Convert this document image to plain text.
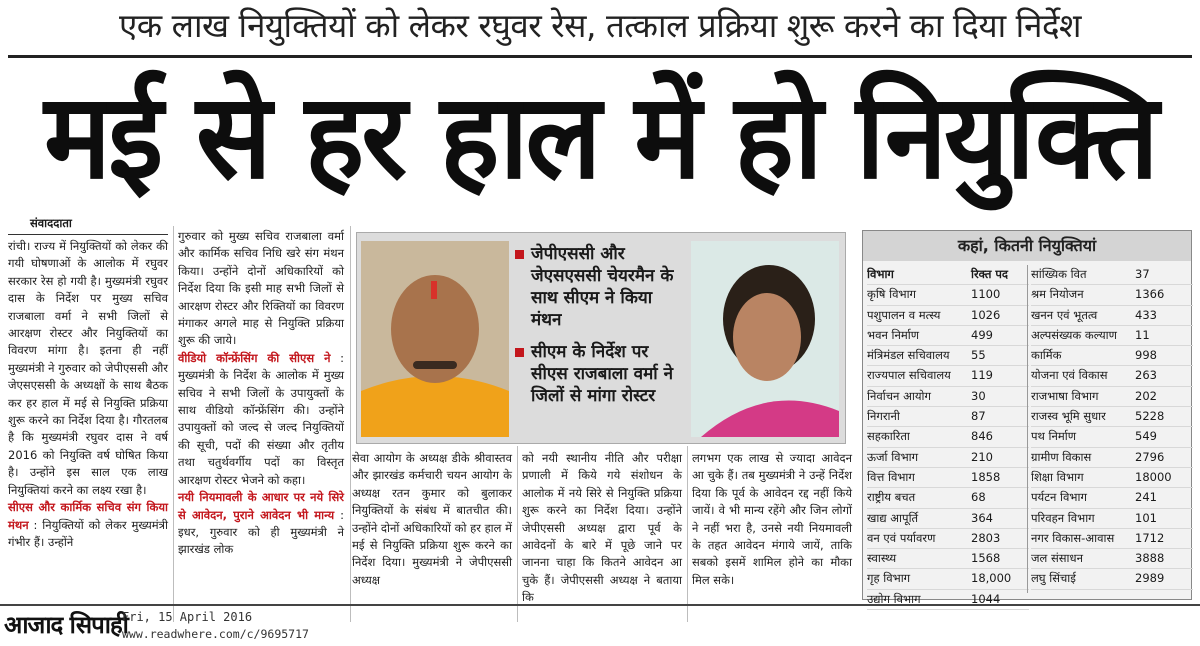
एक लाख नियुक्तियों को लेकर रघुवर रेस, तत्काल प्रक्रिया शुरू करने का दिया निर्देश
मई से हर हाल में हो नियुक्ति
संवाददाता

रांची। राज्य में नियुक्तियों को लेकर की गयी घोषणाओं के आलोक में रघुवर सरकार रेस हो गयी है। मुख्यमंत्री रघुवर दास के निर्देश पर मुख्य सचिव राजबाला वर्मा ने सभी जिलों से आरक्षण रोस्टर और नियुक्तियों का विवरण मांगा है। इतना ही नहीं मुख्यमंत्री ने गुरुवार को जेपीएससी और जेएसएससी के अध्यक्षों के साथ बैठक कर हर हाल में मई से नियुक्ति प्रक्रिया शुरू करने का निर्देश दिया है। गौरतलब है कि मुख्यमंत्री रघुवर दास ने वर्ष 2016 को नियुक्ति वर्ष घोषित किया है। उन्होंने इस साल एक लाख नियुक्तियां करने का लक्ष्य रखा है।

सीएस और कार्मिक सचिव संग किया मंथन : नियुक्तियों को लेकर मुख्यमंत्री गंभीर हैं। उन्होंने

गुरुवार को मुख्य सचिव राजबाला वर्मा और कार्मिक सचिव निधि खरे संग मंथन किया। उन्होंने दोनों अधिकारियों को निर्देश दिया कि इसी माह सभी जिलों से आरक्षण रोस्टर और रिक्तियों का विवरण मंगाकर अगले माह से नियुक्ति प्रक्रिया शुरू की जाये।

वीडियो कॉन्फ्रेंसिंग की सीएस ने : मुख्यमंत्री के निर्देश के आलोक में मुख्य सचिव ने सभी जिलों के उपायुक्तों के साथ वीडियो कॉन्फ्रेंसिंग की। उन्होंने उपायुक्तों को जल्द से जल्द नियुक्तियों की सूची, पदों की संख्या और तृतीय तथा चतुर्थवर्गीय पदों का विस्तृत आरक्षण रोस्टर भेजने को कहा।

नयी नियमावली के आधार पर नये सिरे से आवेदन, पुराने आवेदन भी मान्य : इधर, गुरुवार को ही मुख्यमंत्री ने झारखंड लोक

जेपीएससी और जेएसएससी चेयरमैन के साथ सीएम ने किया मंथन
सीएम के निर्देश पर सीएस राजबाला वर्मा ने जिलों से मांगा रोस्टर
सेवा आयोग के अध्यक्ष डीके श्रीवास्तव और झारखंड कर्मचारी चयन आयोग के अध्यक्ष रतन कुमार को बुलाकर नियुक्तियों के संबंध में बातचीत की। उन्होंने दोनों अधिकारियों को हर हाल में मई से नियुक्ति प्रक्रिया शुरू करने का निर्देश दिया। मुख्यमंत्री ने जेपीएससी अध्यक्ष
को नयी स्थानीय नीति और परीक्षा प्रणाली में किये गये संशोधन के आलोक में नये सिरे से नियुक्ति प्रक्रिया शुरू करने का निर्देश दिया। उन्होंने जेपीएससी अध्यक्ष द्वारा पूर्व के आवेदनों के बारे में पूछे जाने पर जानना चाहा कि कितने आवेदन आ चुके हैं। जेपीएससी अध्यक्ष ने बताया कि
लगभग एक लाख से ज्यादा आवेदन आ चुके हैं। तब मुख्यमंत्री ने उन्हें निर्देश दिया कि पूर्व के आवेदन रद्द नहीं किये जायें। वे भी मान्य रहेंगे और जिन लोगों ने नहीं भरा है, उनसे नयी नियमावली के तहत आवेदन मंगाये जायें, ताकि सबको इसमें शामिल होने का मौका मिल सके।
कहां, कितनी नियुक्तियां
विभाग	रिक्त पद
कृषि विभाग	1100
पशुपालन व मत्स्य	1026
भवन निर्माण	499
मंत्रिमंडल सचिवालय	55
राज्यपाल सचिवालय	119
निर्वाचन आयोग	30
निगरानी	87
सहकारिता	846
ऊर्जा विभाग	210
वित्त विभाग	1858
राष्ट्रीय बचत	68
खाद्य आपूर्ति	364
वन एवं पर्यावरण	2803
स्वास्थ्य	1568
गृह विभाग	18,000
उद्योग विभाग	1044
सांख्यिक वित	37
श्रम नियोजन	1366
खनन एवं भूतत्व	433
अल्पसंख्यक कल्याण	11
कार्मिक	998
योजना एवं विकास	263
राजभाषा विभाग	202
राजस्व भूमि सुधार	5228
पथ निर्माण	549
ग्रामीण विकास	2796
शिक्षा विभाग	18000
पर्यटन विभाग	241
परिवहन विभाग	101
नगर विकास-आवास	1712
जल संसाधन	3888
लघु सिंचाई	2989
आजाद सिपाही
Fri, 15 April 2016
www.readwhere.com/c/9695717
